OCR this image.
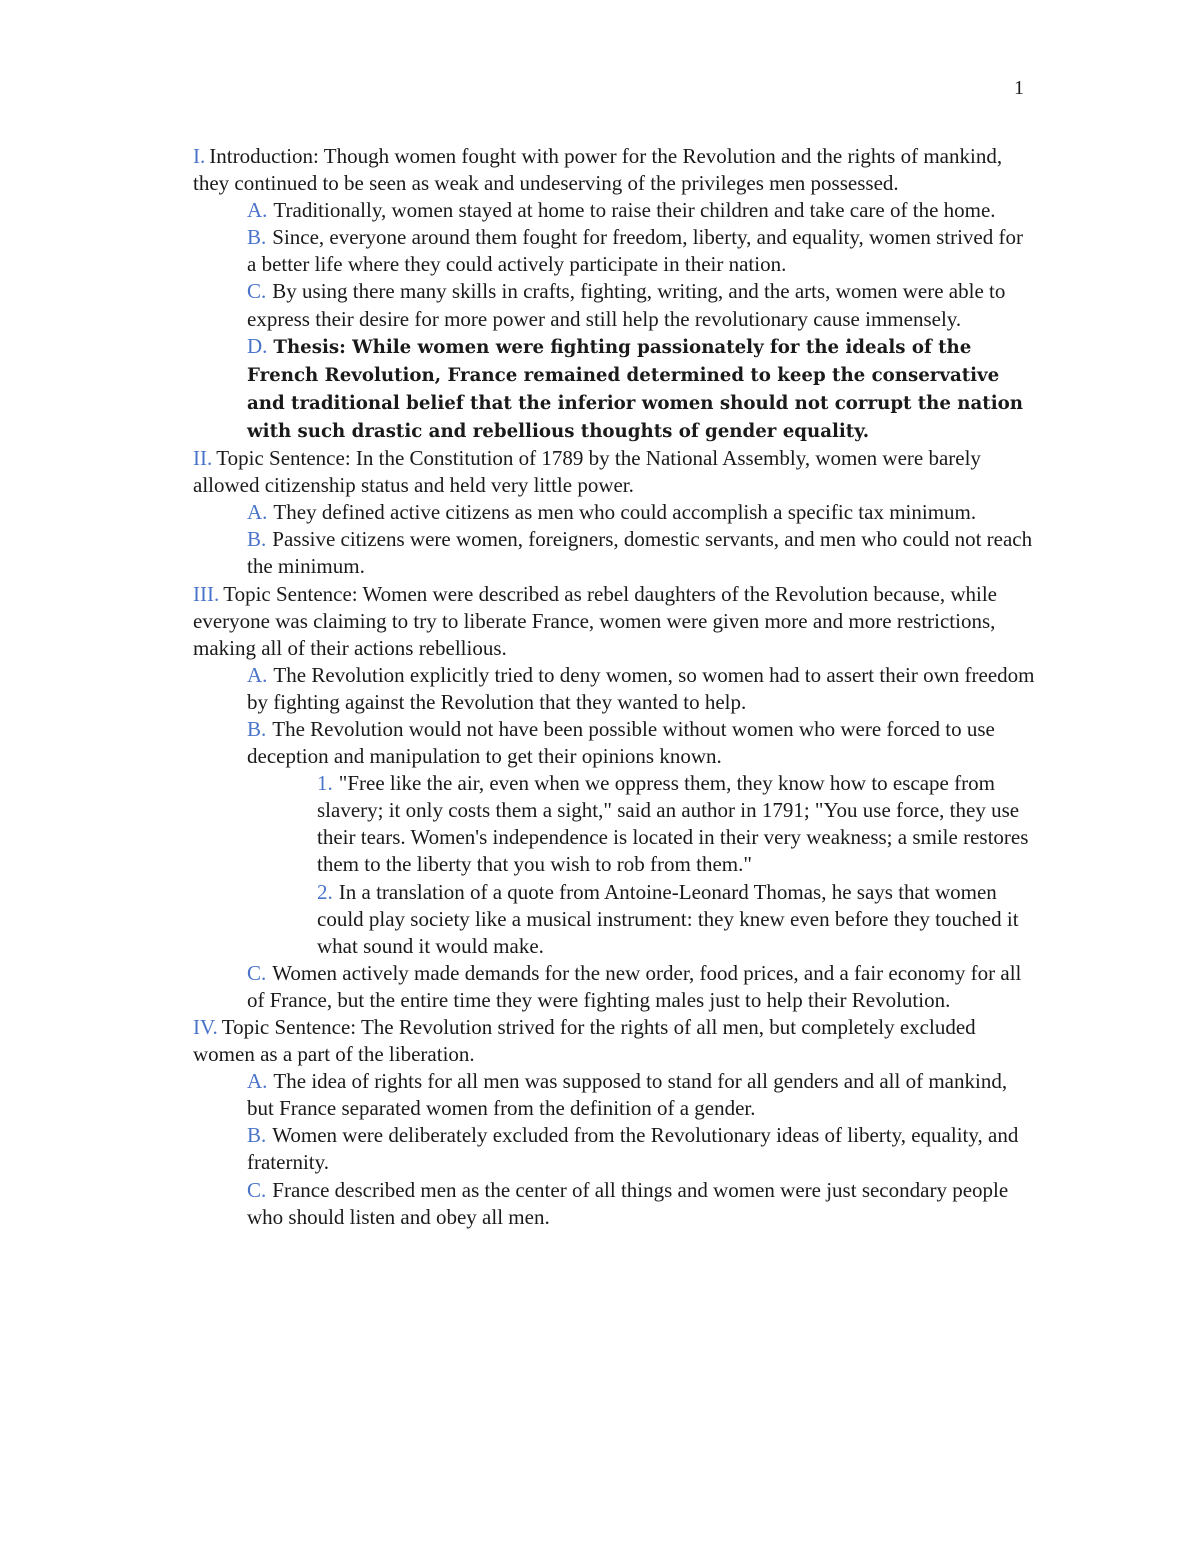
1

I. Introduction: Though women fought with power for the Revolution and the rights of mankind, they continued to be seen as weak and undeserving of the privileges men possessed.

A. Traditionally, women stayed at home to raise their children and take care of the home.

B. Since, everyone around them fought for freedom, liberty, and equality, women strived for a better life where they could actively participate in their nation.

C. By using there many skills in crafts, fighting, writing, and the arts, women were able to express their desire for more power and still help the revolutionary cause immensely.

D. Thesis: While women were fighting passionately for the ideals of the French Revolution, France remained determined to keep the conservative and traditional belief that the inferior women should not corrupt the nation with such drastic and rebellious thoughts of gender equality.

II. Topic Sentence: In the Constitution of 1789 by the National Assembly, women were barely allowed citizenship status and held very little power.

A. They defined active citizens as men who could accomplish a specific tax minimum.

B. Passive citizens were women, foreigners, domestic servants, and men who could not reach the minimum.

III. Topic Sentence: Women were described as rebel daughters of the Revolution because, while everyone was claiming to try to liberate France, women were given more and more restrictions, making all of their actions rebellious.

A. The Revolution explicitly tried to deny women, so women had to assert their own freedom by fighting against the Revolution that they wanted to help.

B. The Revolution would not have been possible without women who were forced to use deception and manipulation to get their opinions known.

1. "Free like the air, even when we oppress them, they know how to escape from slavery; it only costs them a sight," said an author in 1791; "You use force, they use their tears. Women's independence is located in their very weakness; a smile restores them to the liberty that you wish to rob from them."

2. In a translation of a quote from Antoine-Leonard Thomas, he says that women could play society like a musical instrument: they knew even before they touched it what sound it would make.

C. Women actively made demands for the new order, food prices, and a fair economy for all of France, but the entire time they were fighting males just to help their Revolution.

IV. Topic Sentence: The Revolution strived for the rights of all men, but completely excluded women as a part of the liberation.

A. The idea of rights for all men was supposed to stand for all genders and all of mankind, but France separated women from the definition of a gender.

B. Women were deliberately excluded from the Revolutionary ideas of liberty, equality, and fraternity.

C. France described men as the center of all things and women were just secondary people who should listen and obey all men.
